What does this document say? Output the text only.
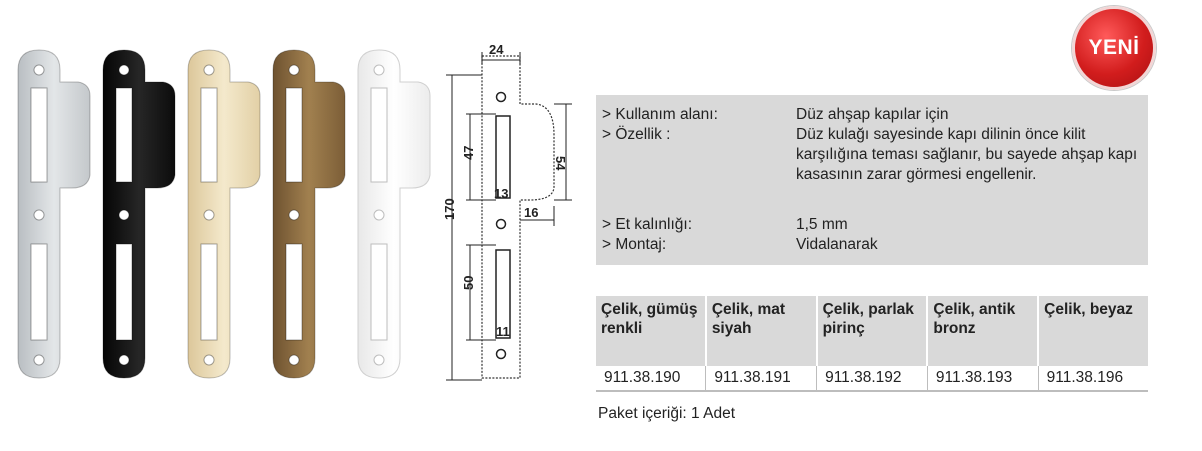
24
47
54
13
170	16
50
11
YENİ
> Kullanım alanı:	Düz ahşap kapılar için
> Özellik :	Düz kulağı sayesinde kapı dilinin önce kilit karşılığına teması sağlanır, bu sayede ahşap kapı kasasının zarar görmesi engellenir.
> Et kalınlığı:	1,5 mm
> Montaj:	Vidalanarak
Çelik, gümüş renkli	Çelik, mat siyah	Çelik, parlak pirinç	Çelik, antik bronz	Çelik, beyaz
911.38.190	911.38.191	911.38.192	911.38.193	911.38.196
Paket içeriği: 1 Adet
